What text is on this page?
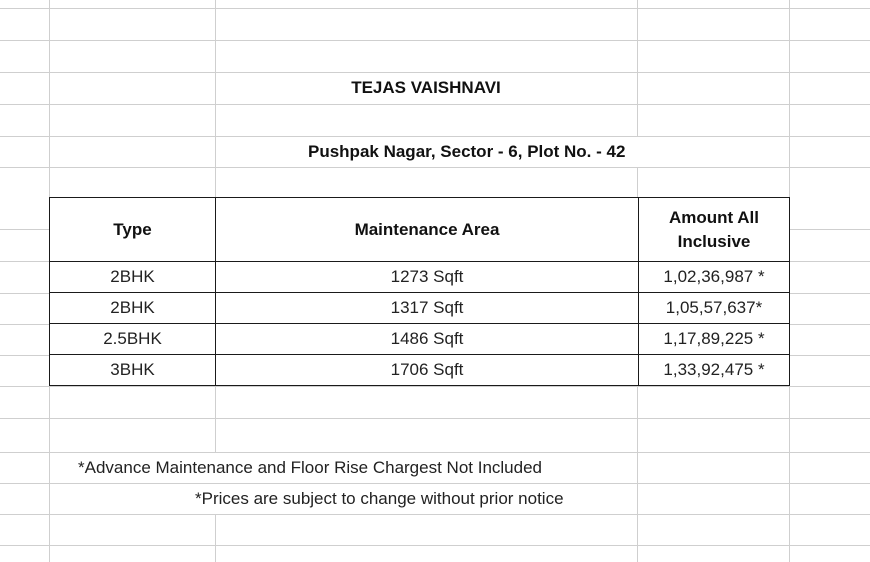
TEJAS VAISHNAVI
Pushpak Nagar, Sector - 6, Plot No. - 42
Type	Maintenance Area	Amount All
Inclusive

2BHK	1273 Sqft	1,02,36,987 *
2BHK	1317 Sqft	1,05,57,637*
2.5BHK	1486 Sqft	1,17,89,225 *
3BHK	1706 Sqft	1,33,92,475 *
*Advance Maintenance and Floor Rise Chargest Not Included
*Prices are subject to change without prior notice
